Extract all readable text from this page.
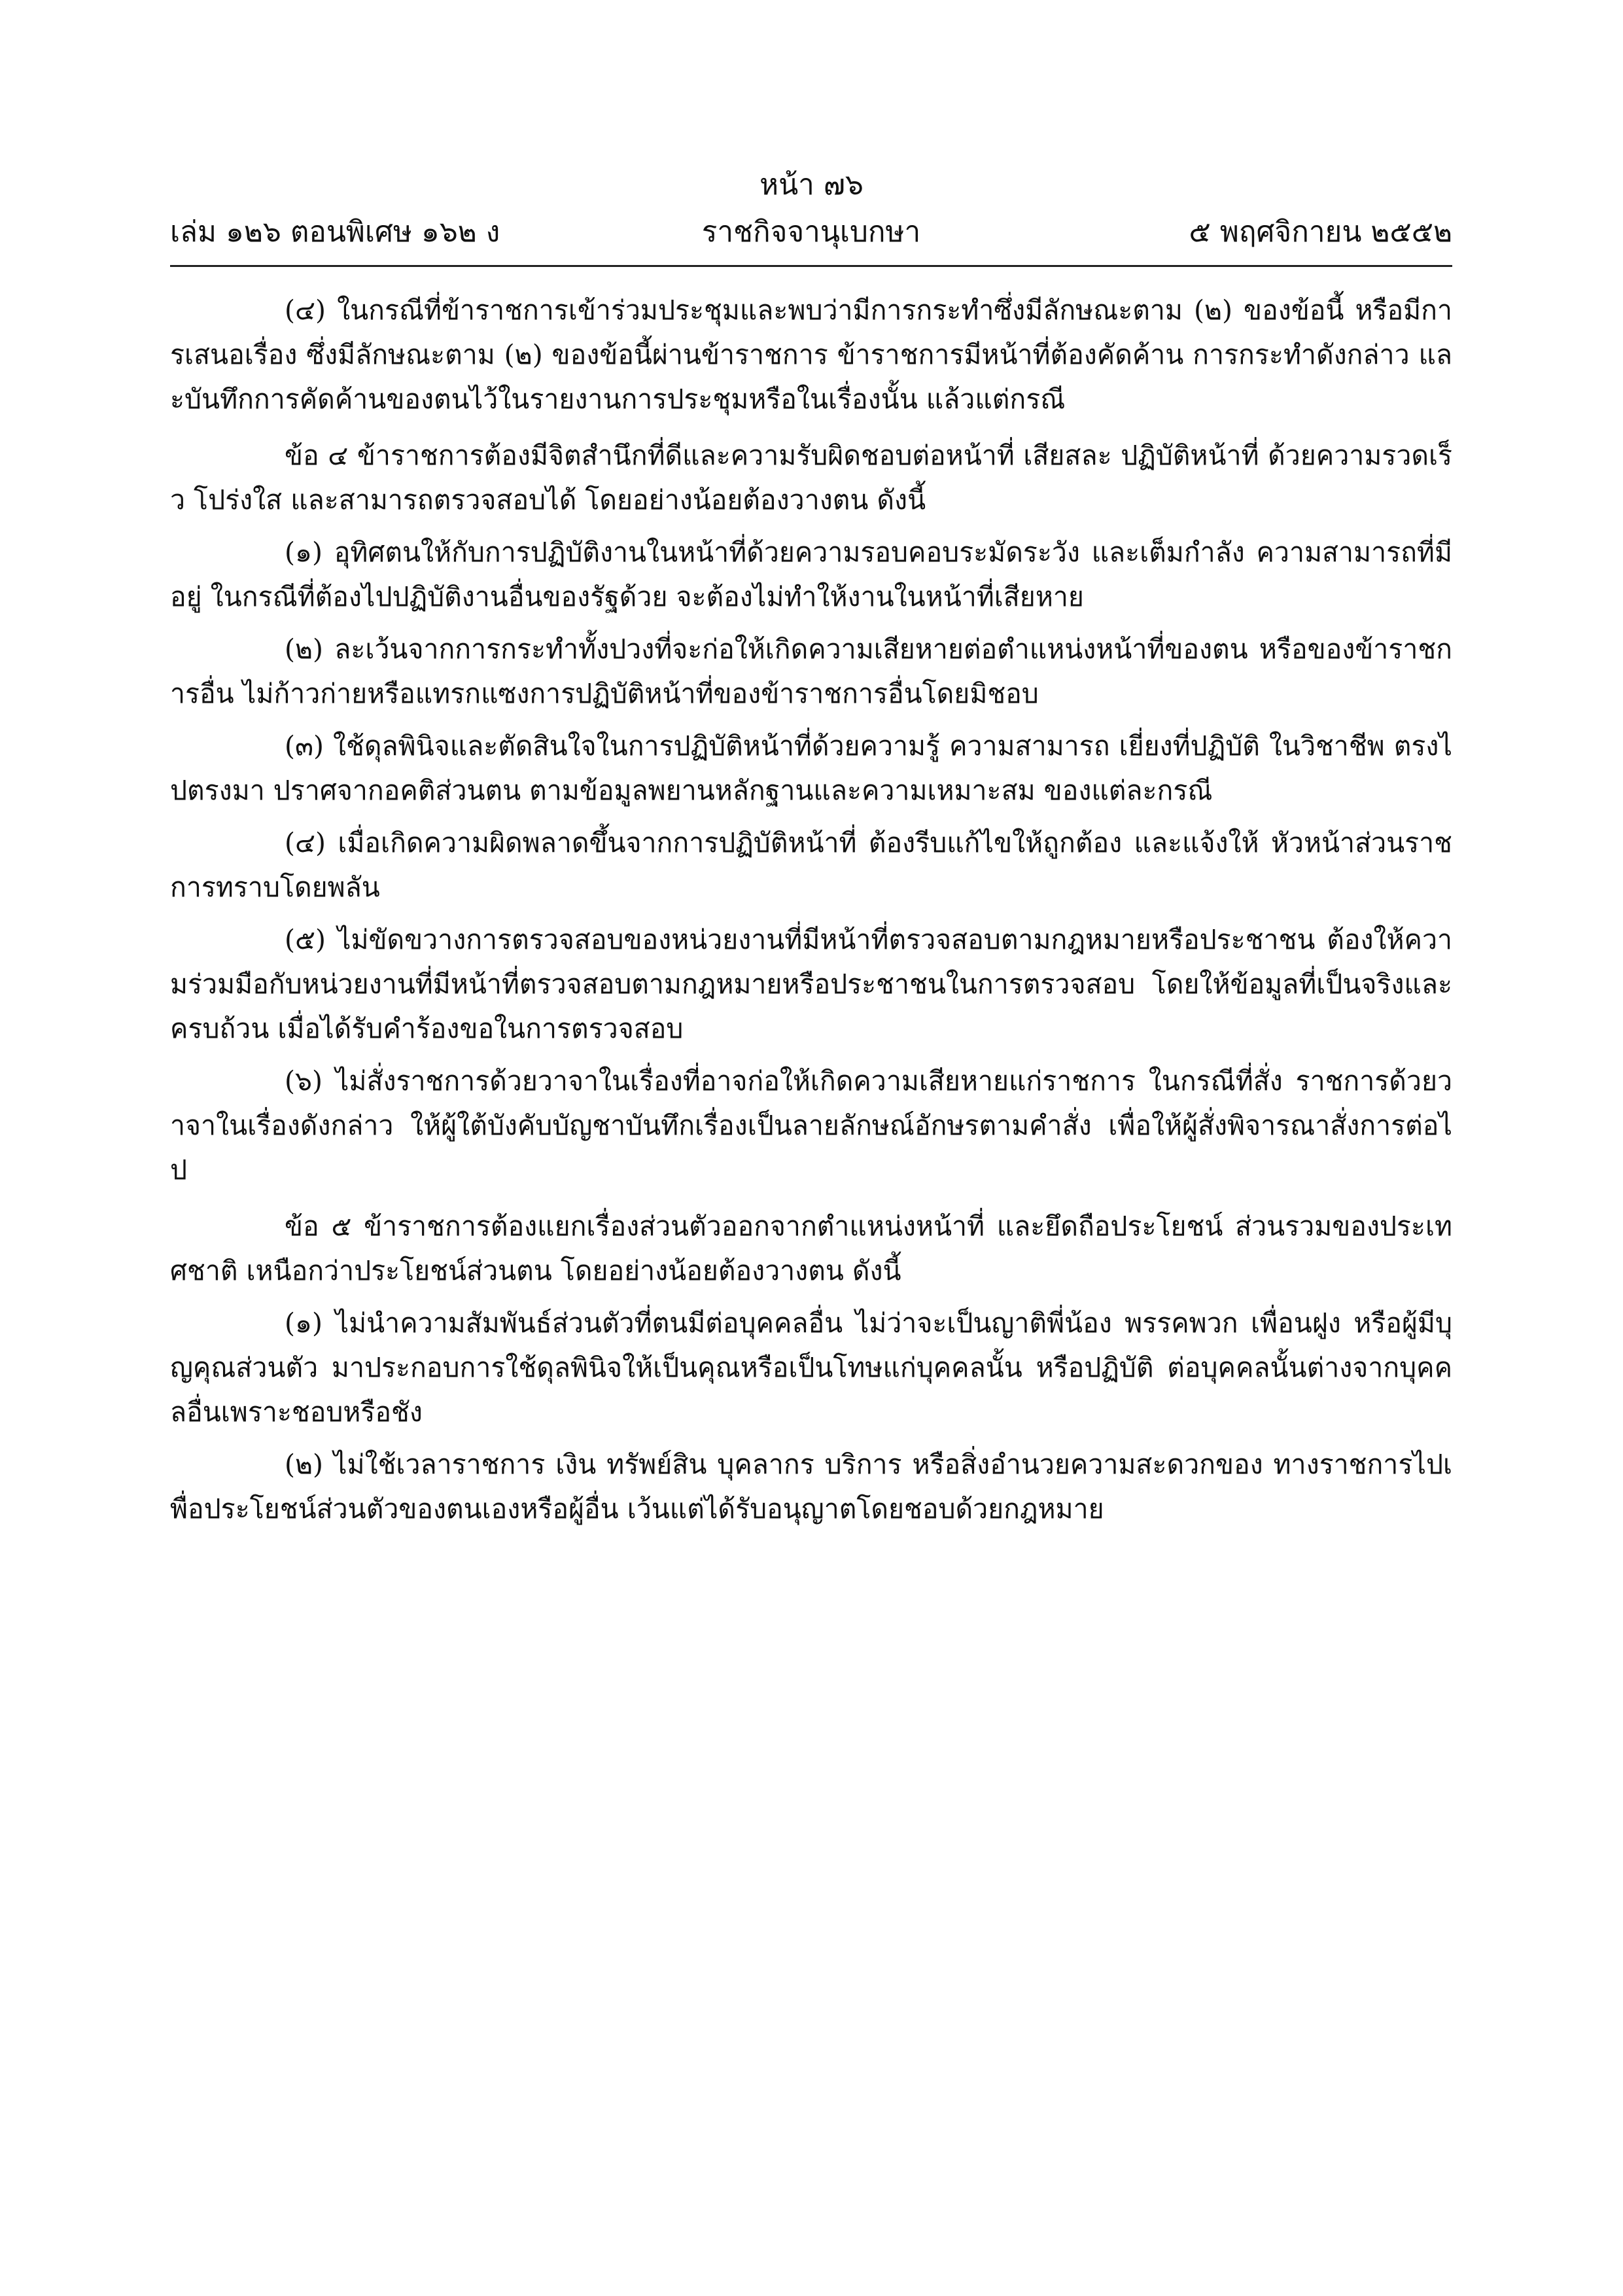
หน้า ๗๖
เล่ม ๑๒๖ ตอนพิเศษ ๑๖๒ ง	ราชกิจจานุเบกษา	๕ พฤศจิกายน ๒๕๕๒

(๔) ในกรณีที่ข้าราชการเข้าร่วมประชุมและพบว่ามีการกระทำซึ่งมีลักษณะตาม (๒) ของข้อนี้ หรือมีการเสนอเรื่อง ซึ่งมีลักษณะตาม (๒) ของข้อนี้ผ่านข้าราชการ ข้าราชการมีหน้าที่ต้องคัดค้าน การกระทำดังกล่าว และบันทึกการคัดค้านของตนไว้ในรายงานการประชุมหรือในเรื่องนั้น แล้วแต่กรณี

ข้อ ๔ ข้าราชการต้องมีจิตสำนึกที่ดีและความรับผิดชอบต่อหน้าที่ เสียสละ ปฏิบัติหน้าที่ ด้วยความรวดเร็ว โปร่งใส และสามารถตรวจสอบได้ โดยอย่างน้อยต้องวางตน ดังนี้

(๑) อุทิศตนให้กับการปฏิบัติงานในหน้าที่ด้วยความรอบคอบระมัดระวัง และเต็มกำลัง ความสามารถที่มีอยู่ ในกรณีที่ต้องไปปฏิบัติงานอื่นของรัฐด้วย จะต้องไม่ทำให้งานในหน้าที่เสียหาย

(๒) ละเว้นจากการกระทำทั้งปวงที่จะก่อให้เกิดความเสียหายต่อตำแหน่งหน้าที่ของตน หรือของข้าราชการอื่น ไม่ก้าวก่ายหรือแทรกแซงการปฏิบัติหน้าที่ของข้าราชการอื่นโดยมิชอบ

(๓) ใช้ดุลพินิจและตัดสินใจในการปฏิบัติหน้าที่ด้วยความรู้ ความสามารถ เยี่ยงที่ปฏิบัติ ในวิชาชีพ ตรงไปตรงมา ปราศจากอคติส่วนตน ตามข้อมูลพยานหลักฐานและความเหมาะสม ของแต่ละกรณี

(๔) เมื่อเกิดความผิดพลาดขึ้นจากการปฏิบัติหน้าที่ ต้องรีบแก้ไขให้ถูกต้อง และแจ้งให้ หัวหน้าส่วนราชการทราบโดยพลัน

(๕) ไม่ขัดขวางการตรวจสอบของหน่วยงานที่มีหน้าที่ตรวจสอบตามกฎหมายหรือประชาชน ต้องให้ความร่วมมือกับหน่วยงานที่มีหน้าที่ตรวจสอบตามกฎหมายหรือประชาชนในการตรวจสอบ โดยให้ข้อมูลที่เป็นจริงและครบถ้วน เมื่อได้รับคำร้องขอในการตรวจสอบ

(๖) ไม่สั่งราชการด้วยวาจาในเรื่องที่อาจก่อให้เกิดความเสียหายแก่ราชการ ในกรณีที่สั่ง ราชการด้วยวาจาในเรื่องดังกล่าว ให้ผู้ใต้บังคับบัญชาบันทึกเรื่องเป็นลายลักษณ์อักษรตามคำสั่ง เพื่อให้ผู้สั่งพิจารณาสั่งการต่อไป

ข้อ ๕ ข้าราชการต้องแยกเรื่องส่วนตัวออกจากตำแหน่งหน้าที่ และยึดถือประโยชน์ ส่วนรวมของประเทศชาติ เหนือกว่าประโยชน์ส่วนตน โดยอย่างน้อยต้องวางตน ดังนี้

(๑) ไม่นำความสัมพันธ์ส่วนตัวที่ตนมีต่อบุคคลอื่น ไม่ว่าจะเป็นญาติพี่น้อง พรรคพวก เพื่อนฝูง หรือผู้มีบุญคุณส่วนตัว มาประกอบการใช้ดุลพินิจให้เป็นคุณหรือเป็นโทษแก่บุคคลนั้น หรือปฏิบัติ ต่อบุคคลนั้นต่างจากบุคคลอื่นเพราะชอบหรือชัง

(๒) ไม่ใช้เวลาราชการ เงิน ทรัพย์สิน บุคลากร บริการ หรือสิ่งอำนวยความสะดวกของ ทางราชการไปเพื่อประโยชน์ส่วนตัวของตนเองหรือผู้อื่น เว้นแต่ได้รับอนุญาตโดยชอบด้วยกฎหมาย
